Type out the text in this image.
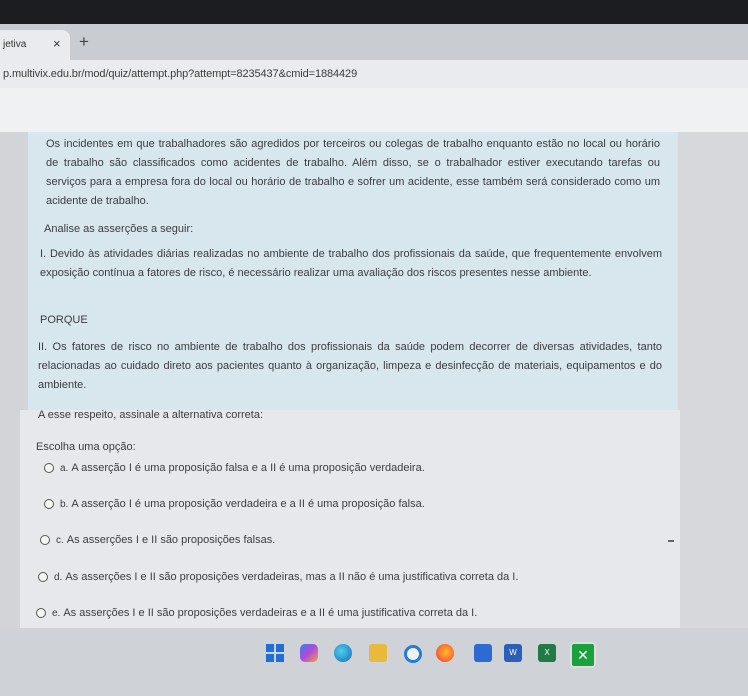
jetiva × +
p.multivix.edu.br/mod/quiz/attempt.php?attempt=8235437&cmid=1884429
Os incidentes em que trabalhadores são agredidos por terceiros ou colegas de trabalho enquanto estão no local ou horário de trabalho são classificados como acidentes de trabalho. Além disso, se o trabalhador estiver executando tarefas ou serviços para a empresa fora do local ou horário de trabalho e sofrer um acidente, esse também será considerado como um acidente de trabalho.
Analise as asserções a seguir:
I. Devido às atividades diárias realizadas no ambiente de trabalho dos profissionais da saúde, que frequentemente envolvem exposição contínua a fatores de risco, é necessário realizar uma avaliação dos riscos presentes nesse ambiente.
PORQUE
II. Os fatores de risco no ambiente de trabalho dos profissionais da saúde podem decorrer de diversas atividades, tanto relacionadas ao cuidado direto aos pacientes quanto à organização, limpeza e desinfecção de materiais, equipamentos e do ambiente.
A esse respeito, assinale a alternativa correta:
Escolha uma opção:
a. A asserção I é uma proposição falsa e a II é uma proposição verdadeira.
b. A asserção I é uma proposição verdadeira e a II é uma proposição falsa.
c. As asserções I e II são proposições falsas.
d. As asserções I e II são proposições verdadeiras, mas a II não é uma justificativa correta da I.
e. As asserções I e II são proposições verdadeiras e a II é uma justificativa correta da I.
W	X	✕
